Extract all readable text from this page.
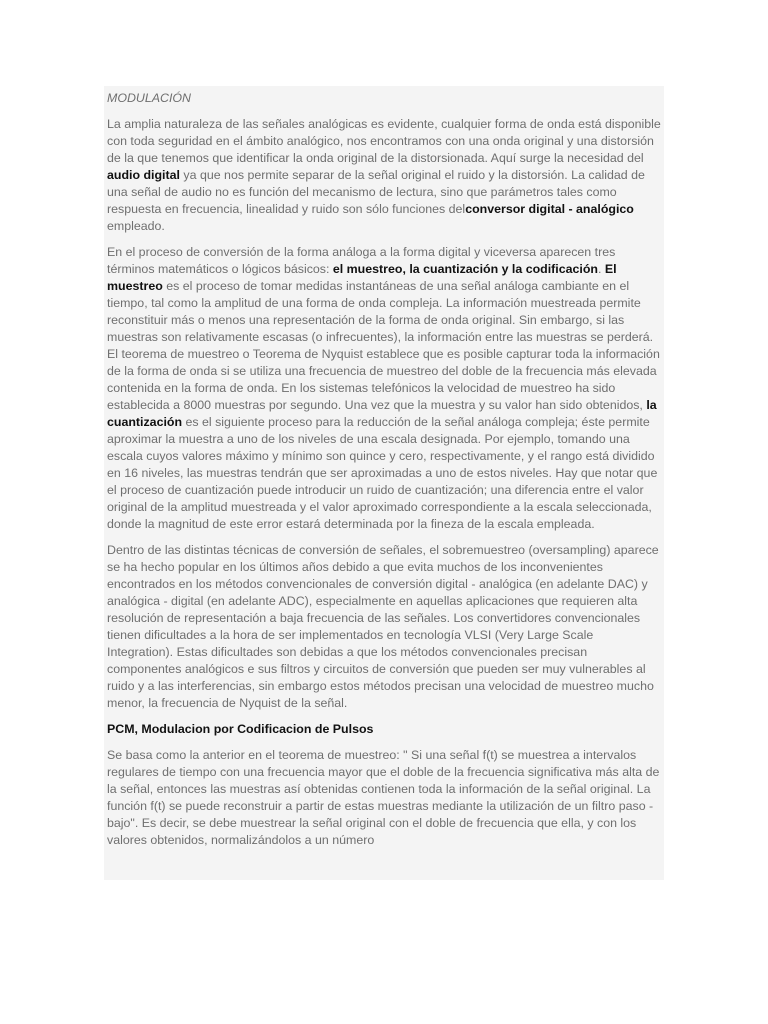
MODULACIÓN

La amplia naturaleza de las señales analógicas es evidente, cualquier forma de onda está disponible con toda seguridad en el ámbito analógico, nos encontramos con una onda original y una distorsión de la que tenemos que identificar la onda original de la distorsionada. Aquí surge la necesidad del audio digital ya que nos permite separar de la señal original el ruido y la distorsión. La calidad de una señal de audio no es función del mecanismo de lectura, sino que parámetros tales como respuesta en frecuencia, linealidad y ruido son sólo funciones delconversor digital - analógico empleado.

En el proceso de conversión de la forma análoga a la forma digital y viceversa aparecen tres términos matemáticos o lógicos básicos: el muestreo, la cuantización y la codificación. El muestreo es el proceso de tomar medidas instantáneas de una señal análoga cambiante en el tiempo, tal como la amplitud de una forma de onda compleja. La información muestreada permite reconstituir más o menos una representación de la forma de onda original. Sin embargo, si las muestras son relativamente escasas (o infrecuentes), la información entre las muestras se perderá. El teorema de muestreo o Teorema de Nyquist establece que es posible capturar toda la información de la forma de onda si se utiliza una frecuencia de muestreo del doble de la frecuencia más elevada contenida en la forma de onda. En los sistemas telefónicos la velocidad de muestreo ha sido establecida a 8000 muestras por segundo. Una vez que la muestra y su valor han sido obtenidos, la cuantización es el siguiente proceso para la reducción de la señal análoga compleja; éste permite aproximar la muestra a uno de los niveles de una escala designada. Por ejemplo, tomando una escala cuyos valores máximo y mínimo son quince y cero, respectivamente, y el rango está dividido en 16 niveles, las muestras tendrán que ser aproximadas a uno de estos niveles. Hay que notar que el proceso de cuantización puede introducir un ruido de cuantización; una diferencia entre el valor original de la amplitud muestreada y el valor aproximado correspondiente a la escala seleccionada, donde la magnitud de este error estará determinada por la fineza de la escala empleada.

Dentro de las distintas técnicas de conversión de señales, el sobremuestreo (oversampling) aparece se ha hecho popular en los últimos años debido a que evita muchos de los inconvenientes encontrados en los métodos convencionales de conversión digital - analógica (en adelante DAC) y analógica - digital (en adelante ADC), especialmente en aquellas aplicaciones que requieren alta resolución de representación a baja frecuencia de las señales. Los convertidores convencionales tienen dificultades a la hora de ser implementados en tecnología VLSI (Very Large Scale Integration). Estas dificultades son debidas a que los métodos convencionales precisan componentes analógicos e sus filtros y circuitos de conversión que pueden ser muy vulnerables al ruido y a las interferencias, sin embargo estos métodos precisan una velocidad de muestreo mucho menor, la frecuencia de Nyquist de la señal.

PCM, Modulacion por Codificacion de Pulsos

Se basa como la anterior en el teorema de muestreo: " Si una señal f(t) se muestrea a intervalos regulares de tiempo con una frecuencia mayor que el doble de la frecuencia significativa más alta de la señal, entonces las muestras así obtenidas contienen toda la información de la señal original. La función f(t) se puede reconstruir a partir de estas muestras mediante la utilización de un filtro paso - bajo". Es decir, se debe muestrear la señal original con el doble de frecuencia que ella, y con los valores obtenidos, normalizándolos a un número
